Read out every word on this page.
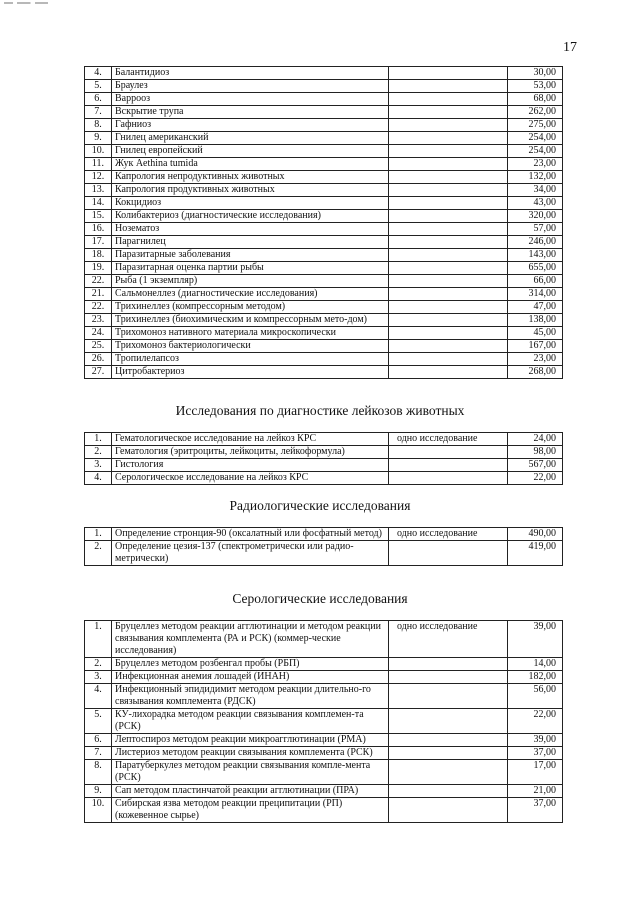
17
4.	Балантидиоз		30,00
5.	Браулез		53,00
6.	Варрооз		68,00
7.	Вскрытие трупа		262,00
8.	Гафниоз		275,00
9.	Гнилец американский		254,00
10.	Гнилец европейский		254,00
11.	Жук Aethina tumida		23,00
12.	Капрология непродуктивных животных		132,00
13.	Капрология продуктивных животных		34,00
14.	Кокцидиоз		43,00
15.	Колибактериоз (диагностические исследования)		320,00
16.	Нозематоз		57,00
17.	Парагнилец		246,00
18.	Паразитарные заболевания		143,00
19.	Паразитарная оценка партии рыбы		655,00
22.	Рыба (1 экземпляр)		66,00
21.	Сальмонеллез (диагностические исследования)		314,00
22.	Трихинеллез (компрессорным методом)		47,00
23.	Трихинеллез (биохимическим и компрессорным мето-дом)		138,00
24.	Трихомоноз нативного материала микроскопически		45,00
25.	Трихомоноз бактериологически		167,00
26.	Тропилелапсоз		23,00
27.	Цитробактериоз		268,00
Исследования по диагностике лейкозов животных
1.	Гематологическое исследование на лейкоз КРС	одно исследование	24,00
2.	Гематология (эритроциты, лейкоциты, лейкоформула)		98,00
3.	Гистология		567,00
4.	Серологическое исследование на лейкоз КРС		22,00
Радиологические исследования
1.	Определение стронция-90 (оксалатный или фосфатный метод)	одно исследование	490,00
2.	Определение цезия-137 (спектрометрически или радио-метрически)		419,00
Серологические исследования
1.	Бруцеллез методом реакции агглютинации и методом реакции связывания комплемента (РА и РСК) (коммер-ческие исследования)	одно исследование	39,00
2.	Бруцеллез методом розбенгал пробы (РБП)		14,00
3.	Инфекционная анемия лошадей (ИНАН)		182,00
4.	Инфекционный эпидидимит методом реакции длительно-го связывания комплемента (РДСК)		56,00
5.	КУ-лихорадка методом реакции связывания комплемен-та (РСК)		22,00
6.	Лептоспироз методом реакции микроагглютинации (РМА)		39,00
7.	Листериоз методом реакции связывания комплемента (РСК)		37,00
8.	Паратуберкулез методом реакции связывания компле-мента (РСК)		17,00
9.	Сап методом пластинчатой реакции агглютинации (ПРА)		21,00
10.	Сибирская язва методом реакции преципитации (РП) (кожевенное сырье)		37,00
